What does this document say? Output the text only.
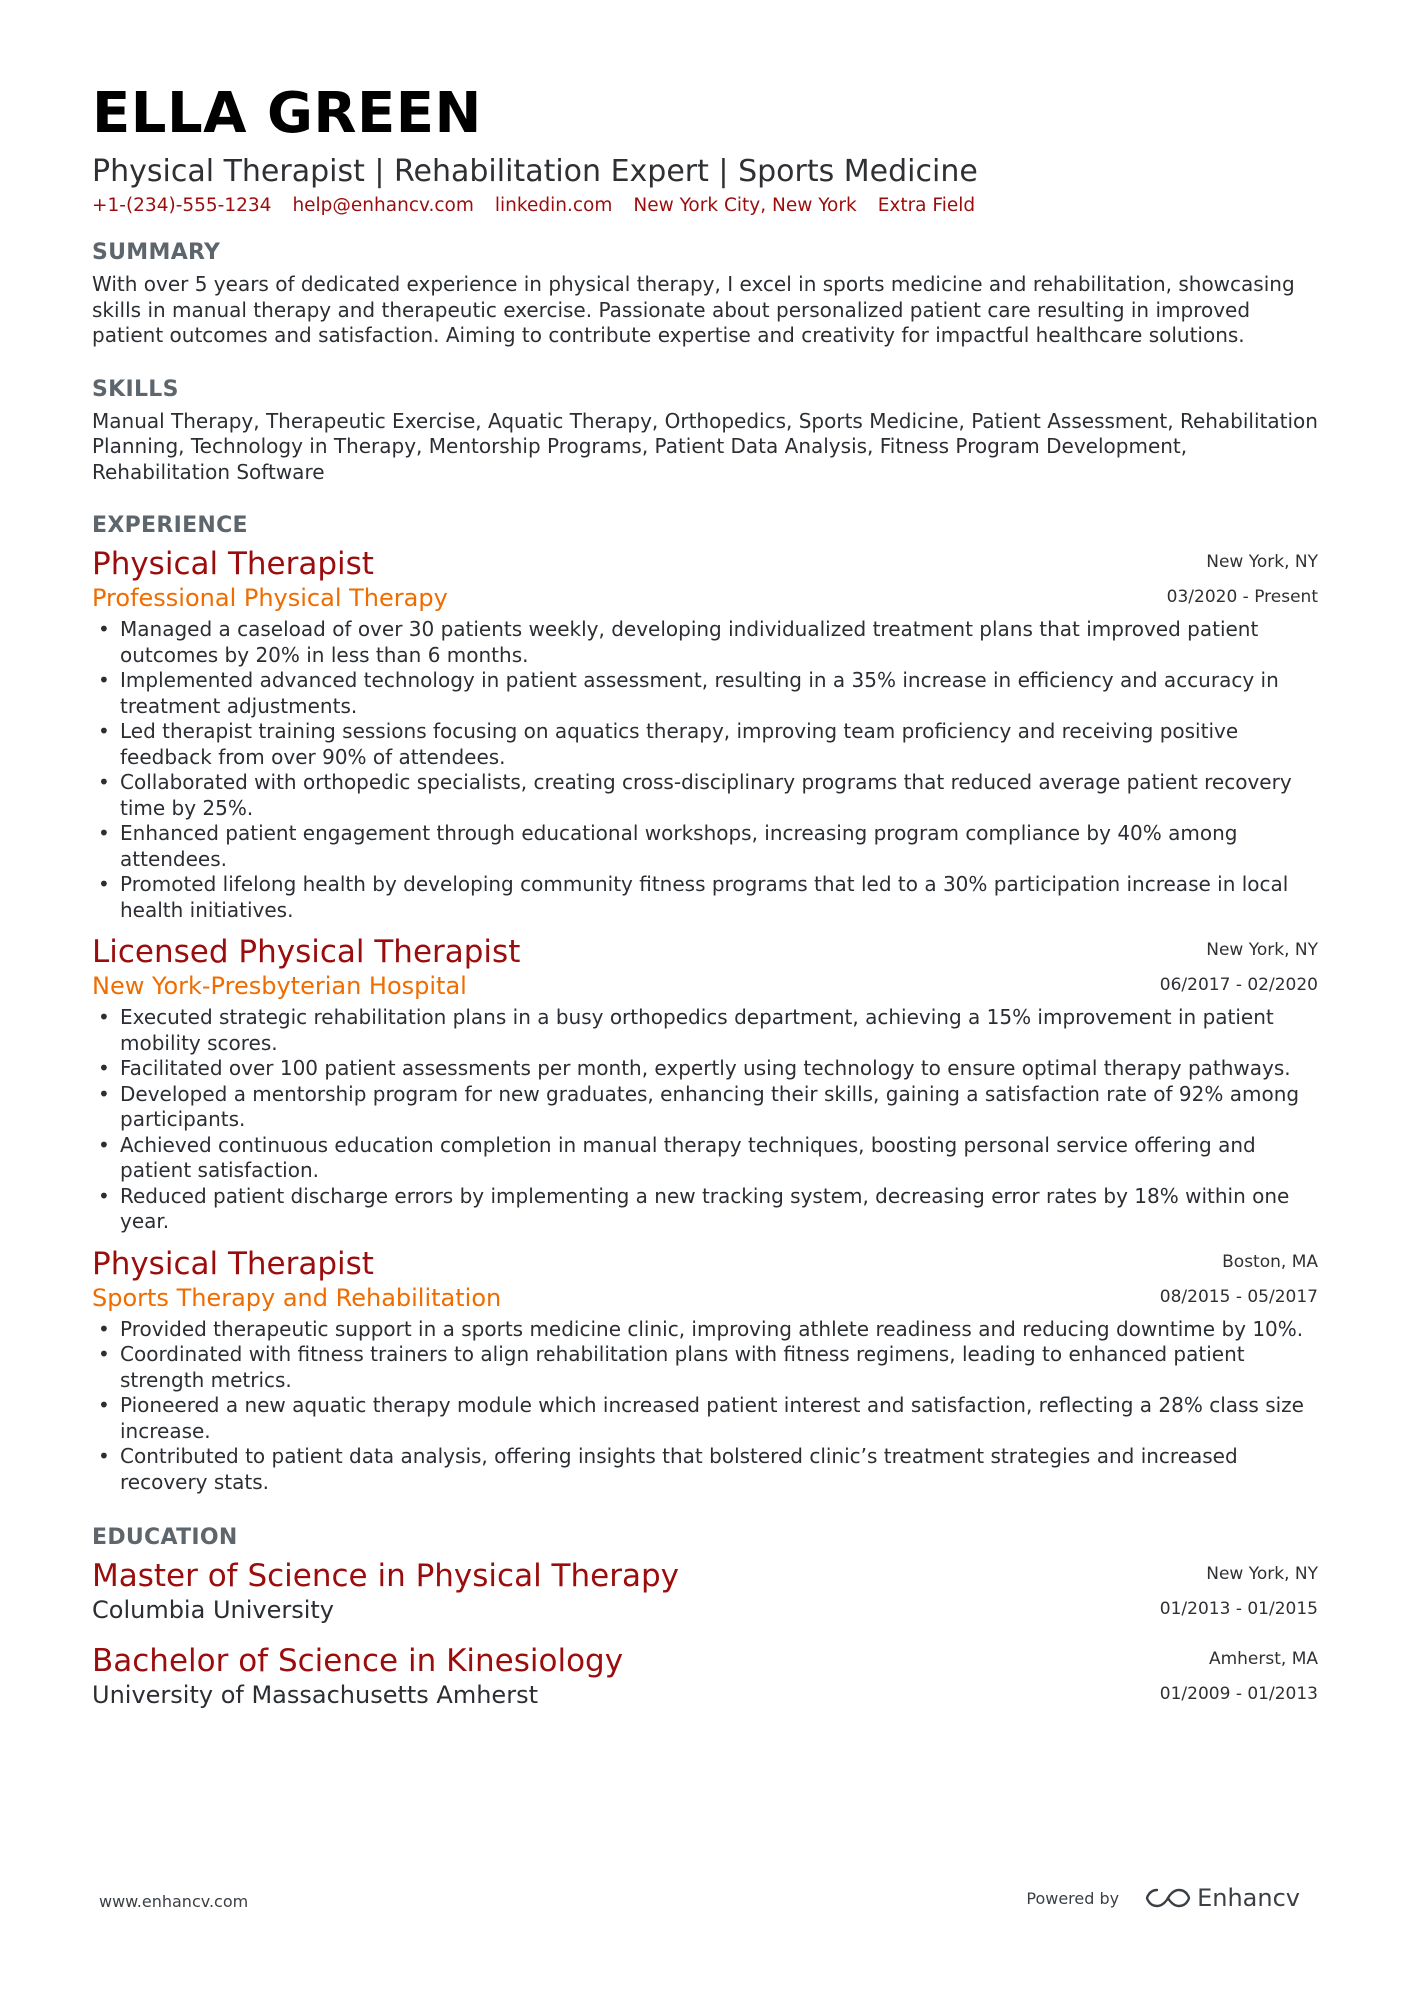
ELLA GREEN
Physical Therapist | Rehabilitation Expert | Sports Medicine
+1-(234)-555-1234 help@enhancv.com linkedin.com New York City, New York Extra Field
SUMMARY
With over 5 years of dedicated experience in physical therapy, I excel in sports medicine and rehabilitation, showcasing skills in manual therapy and therapeutic exercise. Passionate about personalized patient care resulting in improved patient outcomes and satisfaction. Aiming to contribute expertise and creativity for impactful healthcare solutions.
SKILLS
Manual Therapy, Therapeutic Exercise, Aquatic Therapy, Orthopedics, Sports Medicine, Patient Assessment, Rehabilitation Planning, Technology in Therapy, Mentorship Programs, Patient Data Analysis, Fitness Program Development, Rehabilitation Software
EXPERIENCE
Physical Therapist
Professional Physical Therapy
New York, NY
03/2020 - Present
• Managed a caseload of over 30 patients weekly, developing individualized treatment plans that improved patient outcomes by 20% in less than 6 months.
• Implemented advanced technology in patient assessment, resulting in a 35% increase in efficiency and accuracy in treatment adjustments.
• Led therapist training sessions focusing on aquatics therapy, improving team proficiency and receiving positive feedback from over 90% of attendees.
• Collaborated with orthopedic specialists, creating cross-disciplinary programs that reduced average patient recovery time by 25%.
• Enhanced patient engagement through educational workshops, increasing program compliance by 40% among attendees.
• Promoted lifelong health by developing community fitness programs that led to a 30% participation increase in local health initiatives.
Licensed Physical Therapist
New York-Presbyterian Hospital
New York, NY
06/2017 - 02/2020
• Executed strategic rehabilitation plans in a busy orthopedics department, achieving a 15% improvement in patient mobility scores.
• Facilitated over 100 patient assessments per month, expertly using technology to ensure optimal therapy pathways.
• Developed a mentorship program for new graduates, enhancing their skills, gaining a satisfaction rate of 92% among participants.
• Achieved continuous education completion in manual therapy techniques, boosting personal service offering and patient satisfaction.
• Reduced patient discharge errors by implementing a new tracking system, decreasing error rates by 18% within one year.
Physical Therapist
Sports Therapy and Rehabilitation
Boston, MA
08/2015 - 05/2017
• Provided therapeutic support in a sports medicine clinic, improving athlete readiness and reducing downtime by 10%.
• Coordinated with fitness trainers to align rehabilitation plans with fitness regimens, leading to enhanced patient strength metrics.
• Pioneered a new aquatic therapy module which increased patient interest and satisfaction, reflecting a 28% class size increase.
• Contributed to patient data analysis, offering insights that bolstered clinic’s treatment strategies and increased recovery stats.
EDUCATION
Master of Science in Physical Therapy
Columbia University
New York, NY
01/2013 - 01/2015
Bachelor of Science in Kinesiology
University of Massachusetts Amherst
Amherst, MA
01/2009 - 01/2013
www.enhancv.com	Powered by	Enhancv
